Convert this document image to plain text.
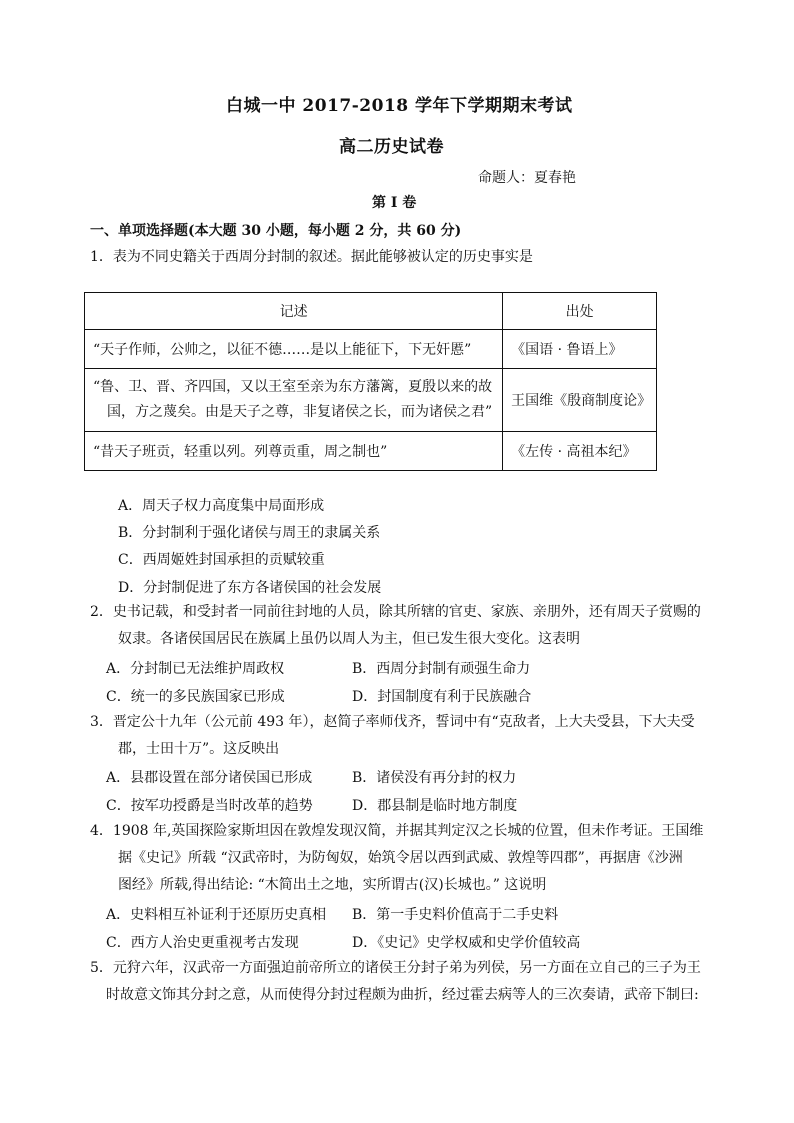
白城一中 2017-2018 学年下学期期末考试
高二历史试卷
命题人：夏春艳
第 I 卷
一、单项选择题(本大题 30 小题，每小题 2 分，共 60 分)
1．表为不同史籍关于西周分封制的叙述。据此能够被认定的历史事实是
记述	出处
“天子作师，公帅之，以征不德……是以上能征下，下无奸慝”	《国语 · 鲁语上》

“鲁、卫、晋、齐四国，又以王室至亲为东方藩篱，夏殷以来的故
国，方之蔑矣。由是天子之尊，非复诸侯之长，而为诸侯之君”	王国维《殷商制度论》
“昔天子班贡，轻重以列。列尊贡重，周之制也”	《左传 · 高祖本纪》
A．周天子权力高度集中局面形成
B．分封制利于强化诸侯与周王的隶属关系
C．西周姬姓封国承担的贡赋较重
D．分封制促进了东方各诸侯国的社会发展
2．史书记载，和受封者一同前往封地的人员，除其所辖的官吏、家族、亲朋外，还有周天子赏赐的
奴隶。各诸侯国居民在族属上虽仍以周人为主，但已发生很大变化。这表明
A．分封制已无法维护周政权	B．西周分封制有顽强生命力
C．统一的多民族国家已形成	D．封国制度有利于民族融合
3．晋定公十九年（公元前 493 年），赵简子率师伐齐，誓词中有“克敌者，上大夫受县，下大夫受
郡，士田十万”。这反映出
A．县郡设置在部分诸侯国已形成	B．诸侯没有再分封的权力
C．按军功授爵是当时改革的趋势	D．郡县制是临时地方制度
4．1908 年,英国探险家斯坦因在敦煌发现汉简，并据其判定汉之长城的位置，但未作考证。王国维
据《史记》所载 “汉武帝时，为防匈奴，始筑令居以西到武威、敦煌等四郡”，再据唐《沙洲
图经》所载,得出结论: “木简出土之地，实所谓古(汉)长城也。” 这说明
A．史料相互补证利于还原历史真相 B．第一手史料价值高于二手史料
C．西方人治史更重视考古发现	D．《史记》史学权威和史学价值较高
5．元狩六年，汉武帝一方面强迫前帝所立的诸侯王分封子弟为列侯，另一方面在立自己的三子为王
时故意文饰其分封之意，从而使得分封过程颇为曲折，经过霍去病等人的三次奏请，武帝下制曰:
